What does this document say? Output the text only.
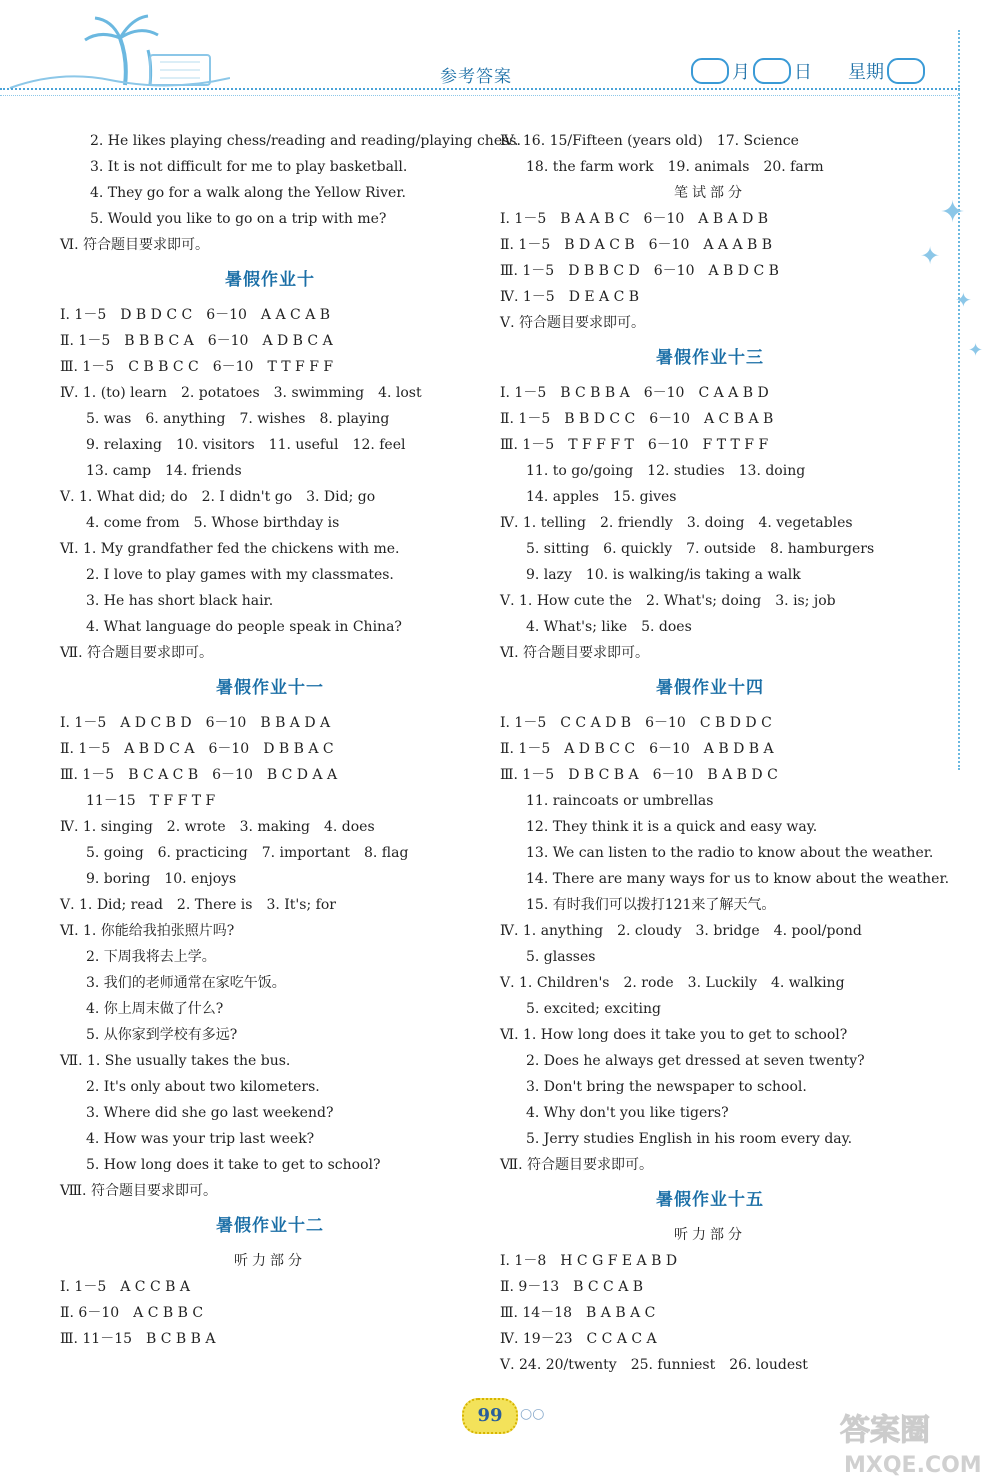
参考答案	月 日 星期
✦
✦
✦
✦
2. He likes playing chess/reading and reading/playing chess.
3. It is not difficult for me to play basketball.
4. They go for a walk along the Yellow River.
5. Would you like to go on a trip with me?
Ⅵ. 符合题目要求即可。
暑假作业十
Ⅰ. 1－5　D B D C C　6－10　A A C A B
Ⅱ. 1－5　B B B C A　6－10　A D B C A
Ⅲ. 1－5　C B B C C　6－10　T T F F F
Ⅳ. 1. (to) learn　2. potatoes　3. swimming　4. lost
5. was　6. anything　7. wishes　8. playing
9. relaxing　10. visitors　11. useful　12. feel
13. camp　14. friends
Ⅴ. 1. What did; do　2. I didn't go　3. Did; go
4. come from　5. Whose birthday is
Ⅵ. 1. My grandfather fed the chickens with me.
2. I love to play games with my classmates.
3. He has short black hair.
4. What language do people speak in China?
Ⅶ. 符合题目要求即可。
暑假作业十一
Ⅰ. 1－5　A D C B D　6－10　B B A D A
Ⅱ. 1－5　A B D C A　6－10　D B B A C
Ⅲ. 1－5　B C A C B　6－10　B C D A A
11－15　T F F T F
Ⅳ. 1. singing　2. wrote　3. making　4. does
5. going　6. practicing　7. important　8. flag
9. boring　10. enjoys
Ⅴ. 1. Did; read　2. There is　3. It's; for
Ⅵ. 1. 你能给我拍张照片吗?
2. 下周我将去上学。
3. 我们的老师通常在家吃午饭。
4. 你上周末做了什么?
5. 从你家到学校有多远?
Ⅶ. 1. She usually takes the bus.
2. It's only about two kilometers.
3. Where did she go last weekend?
4. How was your trip last week?
5. How long does it take to get to school?
Ⅷ. 符合题目要求即可。
暑假作业十二
听力部分
Ⅰ. 1－5　A C C B A
Ⅱ. 6－10　A C B B C
Ⅲ. 11－15　B C B B A
Ⅳ. 16. 15/Fifteen (years old)　17. Science
18. the farm work　19. animals　20. farm
笔试部分
Ⅰ. 1－5　B A A B C　6－10　A B A D B
Ⅱ. 1－5　B D A C B　6－10　A A A B B
Ⅲ. 1－5　D B B C D　6－10　A B D C B
Ⅳ. 1－5　D E A C B
Ⅴ. 符合题目要求即可。
暑假作业十三
Ⅰ. 1－5　B C B B A　6－10　C A A B D
Ⅱ. 1－5　B B D C C　6－10　A C B A B
Ⅲ. 1－5　T F F F T　6－10　F T T F F
11. to go/going　12. studies　13. doing
14. apples　15. gives
Ⅳ. 1. telling　2. friendly　3. doing　4. vegetables
5. sitting　6. quickly　7. outside　8. hamburgers
9. lazy　10. is walking/is taking a walk
Ⅴ. 1. How cute the　2. What's; doing　3. is; job
4. What's; like　5. does
Ⅵ. 符合题目要求即可。
暑假作业十四
Ⅰ. 1－5　C C A D B　6－10　C B D D C
Ⅱ. 1－5　A D B C C　6－10　A B D B A
Ⅲ. 1－5　D B C B A　6－10　B A B D C
11. raincoats or umbrellas
12. They think it is a quick and easy way.
13. We can listen to the radio to know about the weather.
14. There are many ways for us to know about the weather.
15. 有时我们可以拨打121来了解天气。
Ⅳ. 1. anything　2. cloudy　3. bridge　4. pool/pond
5. glasses
Ⅴ. 1. Children's　2. rode　3. Luckily　4. walking
5. excited; exciting
Ⅵ. 1. How long does it take you to get to school?
2. Does he always get dressed at seven twenty?
3. Don't bring the newspaper to school.
4. Why don't you like tigers?
5. Jerry studies English in his room every day.
Ⅶ. 符合题目要求即可。
暑假作业十五
听力部分
Ⅰ. 1－8　H C G F E A B D
Ⅱ. 9－13　B C C A B
Ⅲ. 14－18　B A B A C
Ⅳ. 19－23　C C A C A
Ⅴ. 24. 20/twenty　25. funniest　26. loudest
99	○○	答案圈
MXQE.COM
